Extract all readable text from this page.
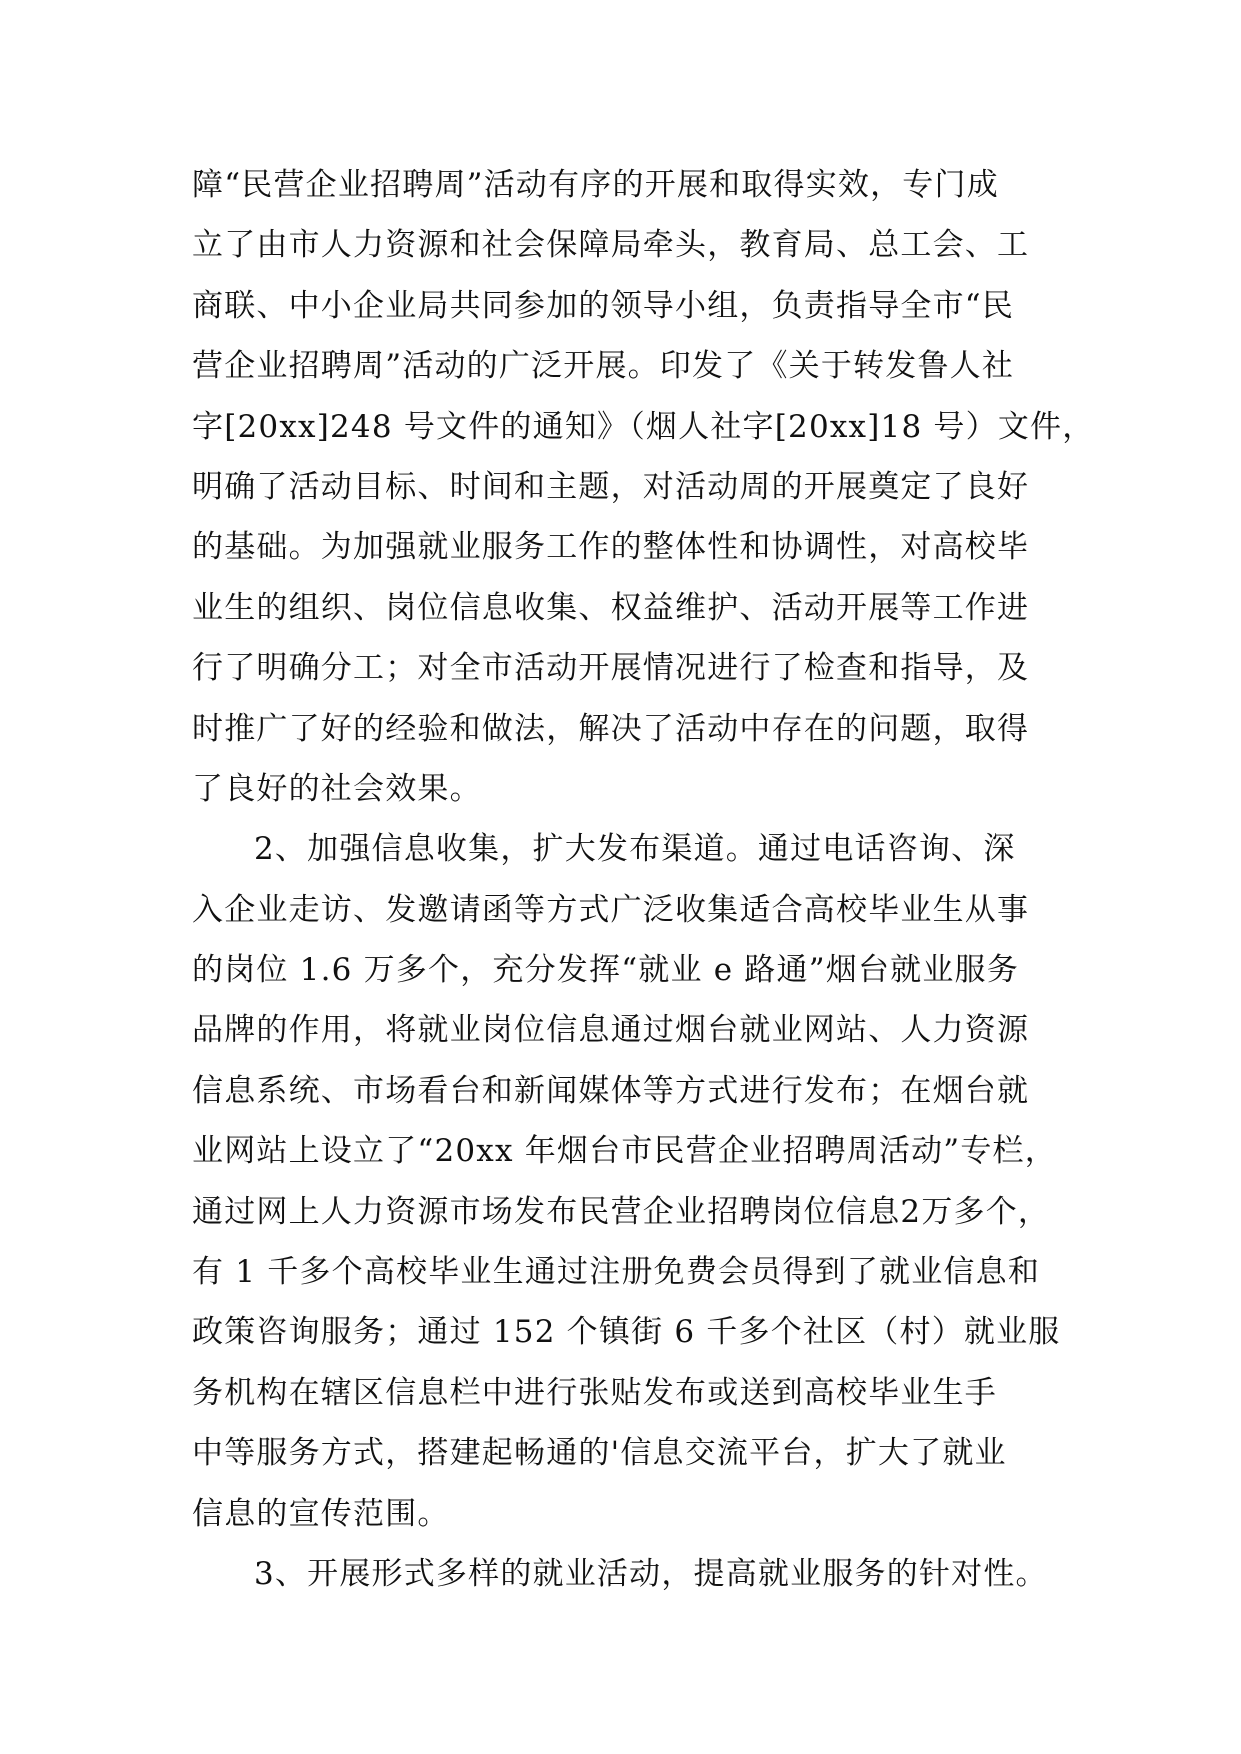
障“民营企业招聘周”活动有序的开展和取得实效，专门成
立了由市人力资源和社会保障局牵头，教育局、总工会、工
商联、中小企业局共同参加的领导小组，负责指导全市“民
营企业招聘周”活动的广泛开展。印发了《关于转发鲁人社
字[20xx]248 号文件的通知》（烟人社字[20xx]18 号）文件，
明确了活动目标、时间和主题，对活动周的开展奠定了良好
的基础。为加强就业服务工作的整体性和协调性，对高校毕
业生的组织、岗位信息收集、权益维护、活动开展等工作进
行了明确分工；对全市活动开展情况进行了检查和指导，及
时推广了好的经验和做法，解决了活动中存在的问题，取得
了良好的社会效果。
2、加强信息收集，扩大发布渠道。通过电话咨询、深
入企业走访、发邀请函等方式广泛收集适合高校毕业生从事
的岗位 1.6 万多个，充分发挥“就业 e 路通”烟台就业服务
品牌的作用，将就业岗位信息通过烟台就业网站、人力资源
信息系统、市场看台和新闻媒体等方式进行发布；在烟台就
业网站上设立了“20xx 年烟台市民营企业招聘周活动”专栏，
通过网上人力资源市场发布民营企业招聘岗位信息2万多个，
有 1 千多个高校毕业生通过注册免费会员得到了就业信息和
政策咨询服务；通过 152 个镇街 6 千多个社区（村）就业服
务机构在辖区信息栏中进行张贴发布或送到高校毕业生手
中等服务方式，搭建起畅通的'信息交流平台，扩大了就业
信息的宣传范围。
3、开展形式多样的就业活动，提高就业服务的针对性。
